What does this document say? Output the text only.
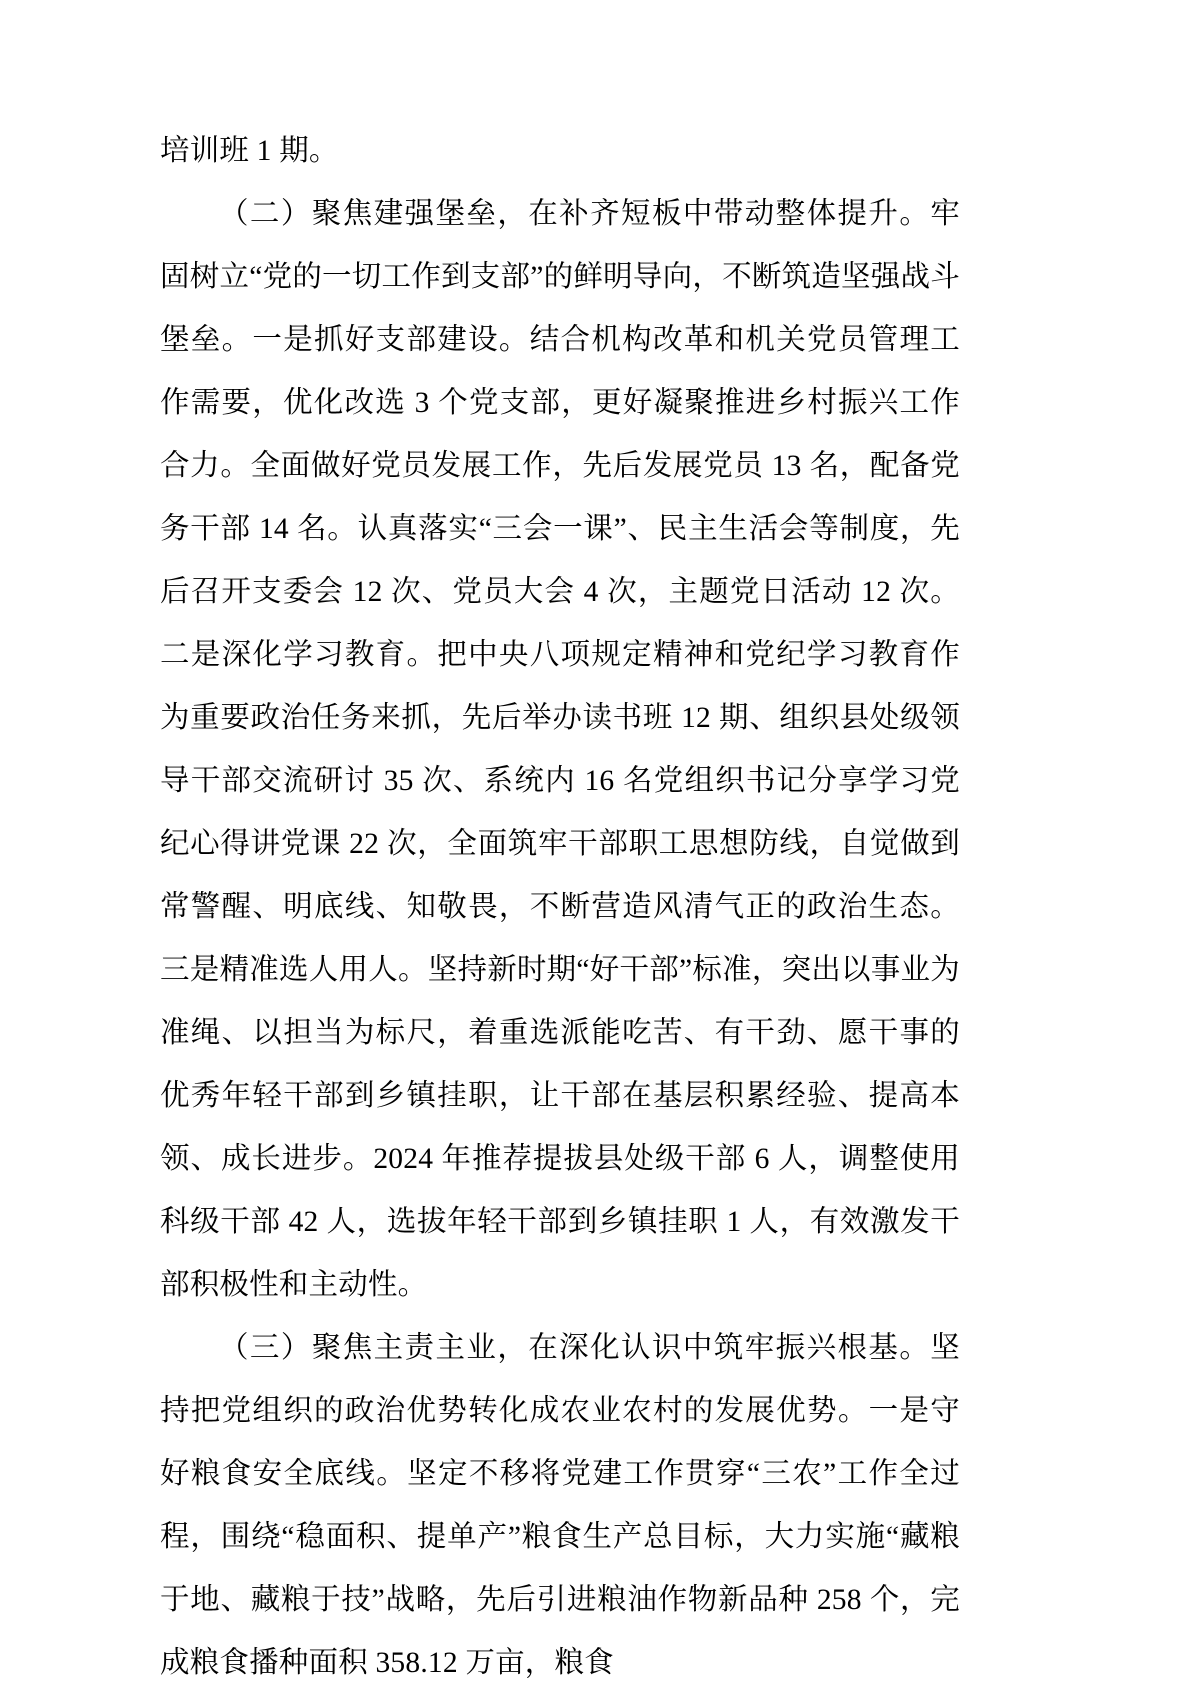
培训班 1 期。

（二）聚焦建强堡垒，在补齐短板中带动整体提升。牢固树立“党的一切工作到支部”的鲜明导向，不断筑造坚强战斗堡垒。一是抓好支部建设。结合机构改革和机关党员管理工作需要，优化改选 3 个党支部，更好凝聚推进乡村振兴工作合力。全面做好党员发展工作，先后发展党员 13 名，配备党务干部 14 名。认真落实“三会一课”、民主生活会等制度，先后召开支委会 12 次、党员大会 4 次，主题党日活动 12 次。二是深化学习教育。把中央八项规定精神和党纪学习教育作为重要政治任务来抓，先后举办读书班 12 期、组织县处级领导干部交流研讨 35 次、系统内 16 名党组织书记分享学习党纪心得讲党课 22 次，全面筑牢干部职工思想防线，自觉做到常警醒、明底线、知敬畏，不断营造风清气正的政治生态。三是精准选人用人。坚持新时期“好干部”标准，突出以事业为准绳、以担当为标尺，着重选派能吃苦、有干劲、愿干事的优秀年轻干部到乡镇挂职，让干部在基层积累经验、提高本领、成长进步。2024 年推荐提拔县处级干部 6 人，调整使用科级干部 42 人，选拔年轻干部到乡镇挂职 1 人，有效激发干部积极性和主动性。

（三）聚焦主责主业，在深化认识中筑牢振兴根基。坚持把党组织的政治优势转化成农业农村的发展优势。一是守好粮食安全底线。坚定不移将党建工作贯穿“三农”工作全过程，围绕“稳面积、提单产”粮食生产总目标，大力实施“藏粮于地、藏粮于技”战略，先后引进粮油作物新品种 258 个，完成粮食播种面积 358.12 万亩，粮食
